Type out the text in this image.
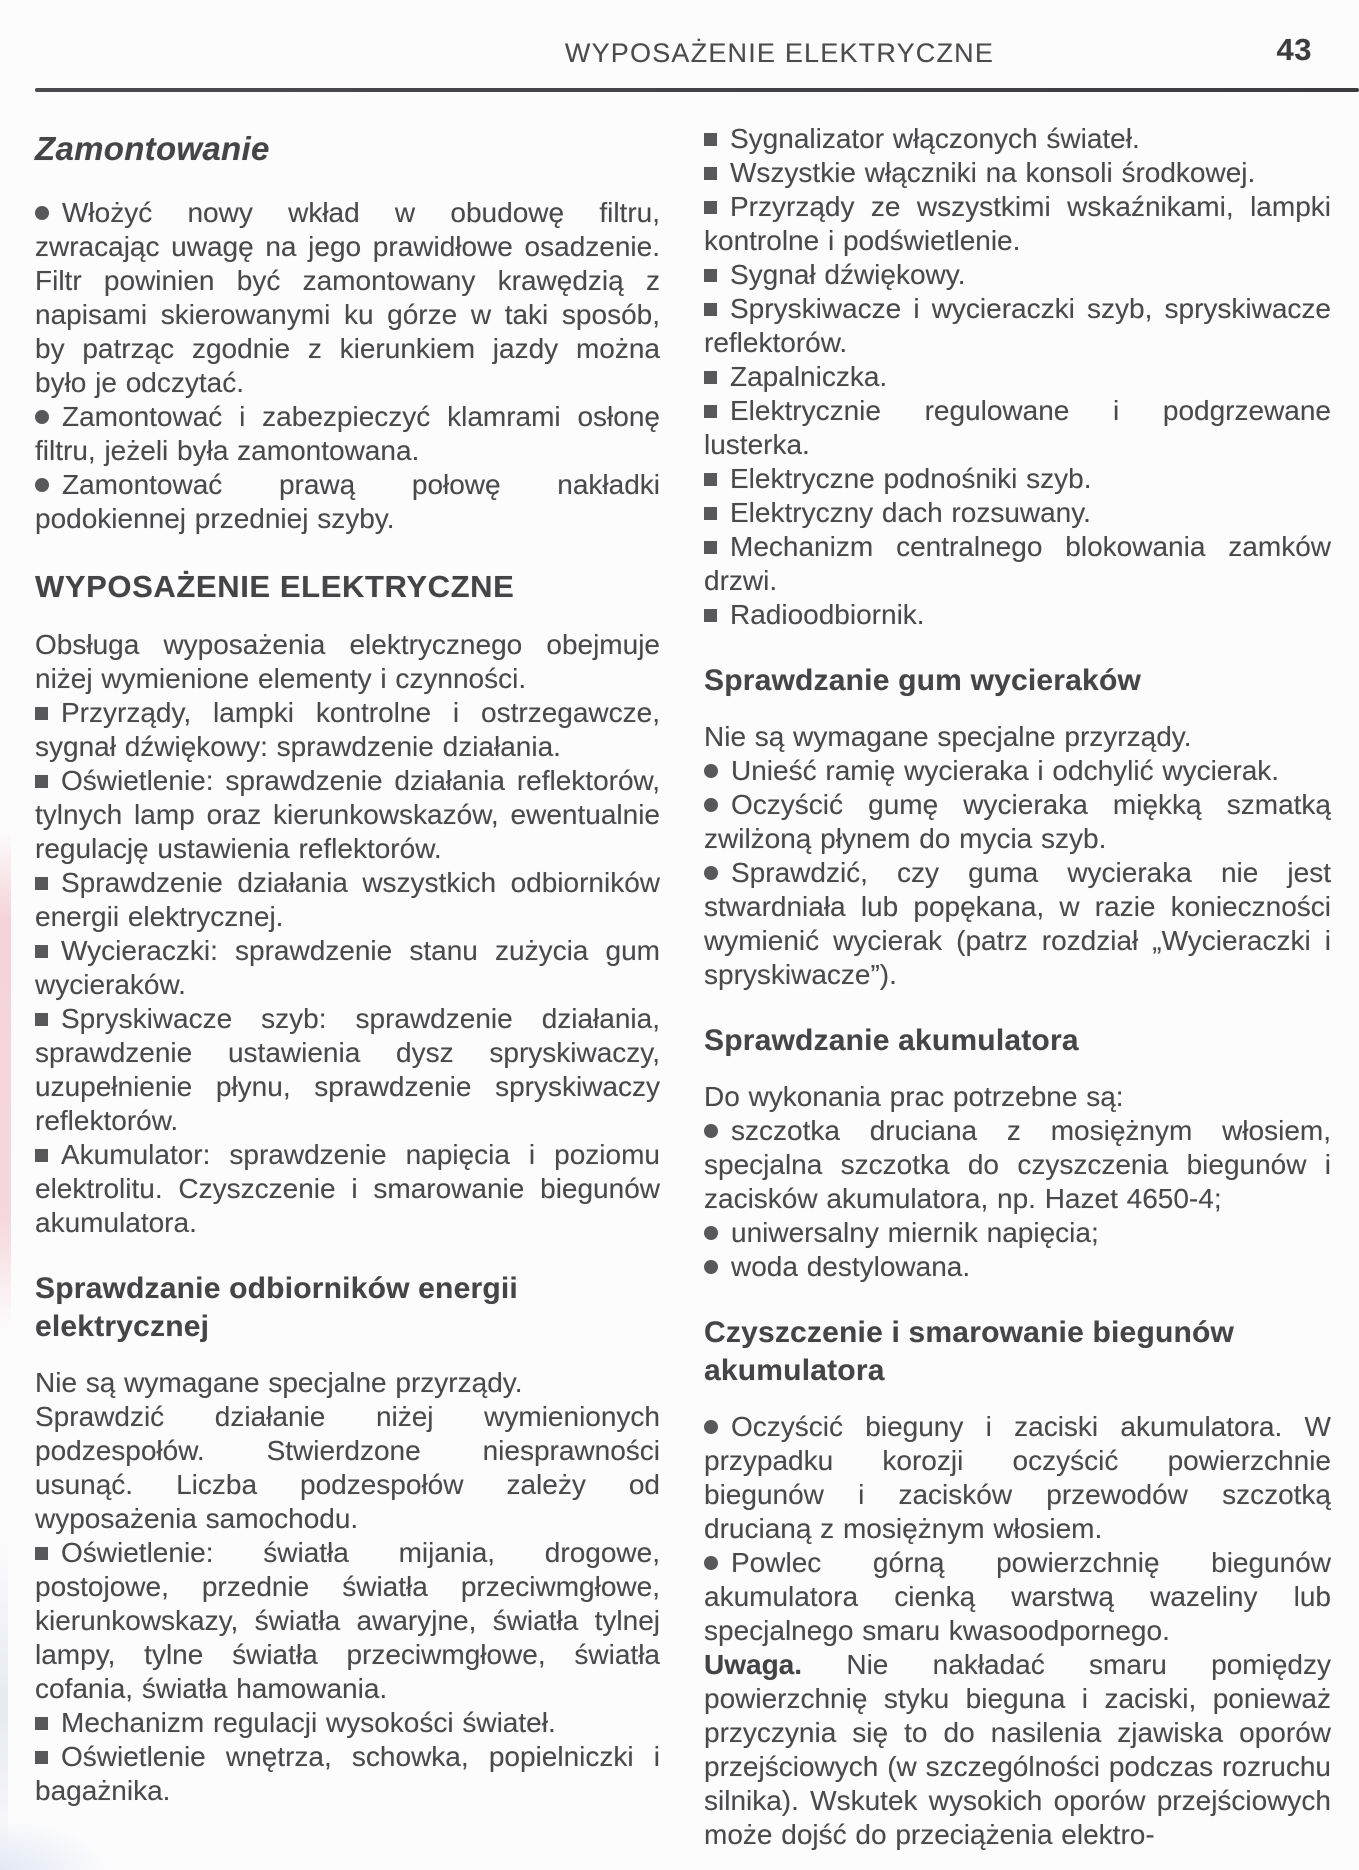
WYPOSAŻENIE ELEKTRYCZNE	43
Zamontowanie

Włożyć nowy wkład w obudowę filtru, zwracając uwagę na jego prawidłowe osadzenie. Filtr powinien być zamontowany krawędzią z napisami skierowanymi ku górze w taki sposób, by patrząc zgodnie z kierunkiem jazdy można było je odczytać.

Zamontować i zabezpieczyć klamrami osłonę filtru, jeżeli była zamontowana.

Zamontować prawą połowę nakładki podokiennej przedniej szyby.

WYPOSAŻENIE ELEKTRYCZNE

Obsługa wyposażenia elektrycznego obejmuje niżej wymienione elementy i czynności.

Przyrządy, lampki kontrolne i ostrzegawcze, sygnał dźwiękowy: sprawdzenie działania.

Oświetlenie: sprawdzenie działania reflektorów, tylnych lamp oraz kierunkowskazów, ewentualnie regulację ustawienia reflektorów.

Sprawdzenie działania wszystkich odbiorników energii elektrycznej.

Wycieraczki: sprawdzenie stanu zużycia gum wycieraków.

Spryskiwacze szyb: sprawdzenie działania, sprawdzenie ustawienia dysz spryskiwaczy, uzupełnienie płynu, sprawdzenie spryskiwaczy reflektorów.

Akumulator: sprawdzenie napięcia i poziomu elektrolitu. Czyszczenie i smarowanie biegunów akumulatora.

Sprawdzanie odbiorników energii elektrycznej

Nie są wymagane specjalne przyrządy.

Sprawdzić działanie niżej wymienionych podzespołów. Stwierdzone niesprawności usunąć. Liczba podzespołów zależy od wyposażenia samochodu.

Oświetlenie: światła mijania, drogowe, postojowe, przednie światła przeciwmgłowe, kierunkowskazy, światła awaryjne, światła tylnej lampy, tylne światła przeciwmgłowe, światła cofania, światła hamowania.

Mechanizm regulacji wysokości świateł.

Oświetlenie wnętrza, schowka, popielniczki i bagażnika.

Sygnalizator włączonych świateł.

Wszystkie włączniki na konsoli środkowej.

Przyrządy ze wszystkimi wskaźnikami, lampki kontrolne i podświetlenie.

Sygnał dźwiękowy.

Spryskiwacze i wycieraczki szyb, spryskiwacze reflektorów.

Zapalniczka.

Elektrycznie regulowane i podgrzewane lusterka.

Elektryczne podnośniki szyb.

Elektryczny dach rozsuwany.

Mechanizm centralnego blokowania zamków drzwi.

Radioodbiornik.

Sprawdzanie gum wycieraków

Nie są wymagane specjalne przyrządy.

Unieść ramię wycieraka i odchylić wycierak.

Oczyścić gumę wycieraka miękką szmatką zwilżoną płynem do mycia szyb.

Sprawdzić, czy guma wycieraka nie jest stwardniała lub popękana, w razie konieczności wymienić wycierak (patrz rozdział „Wycieraczki i spryskiwacze”).

Sprawdzanie akumulatora

Do wykonania prac potrzebne są:

szczotka druciana z mosiężnym włosiem, specjalna szczotka do czyszczenia biegunów i zacisków akumulatora, np. Hazet 4650-4;

uniwersalny miernik napięcia;

woda destylowana.

Czyszczenie i smarowanie biegunów akumulatora

Oczyścić bieguny i zaciski akumulatora. W przypadku korozji oczyścić powierzchnie biegunów i zacisków przewodów szczotką drucianą z mosiężnym włosiem.

Powlec górną powierzchnię biegunów akumulatora cienką warstwą wazeliny lub specjalnego smaru kwasoodpornego.

Uwaga. Nie nakładać smaru pomiędzy powierzchnię styku bieguna i zaciski, ponieważ przyczynia się to do nasilenia zjawiska oporów przejściowych (w szczególności podczas rozruchu silnika). Wskutek wysokich oporów przejściowych może dojść do przeciążenia elektro-
